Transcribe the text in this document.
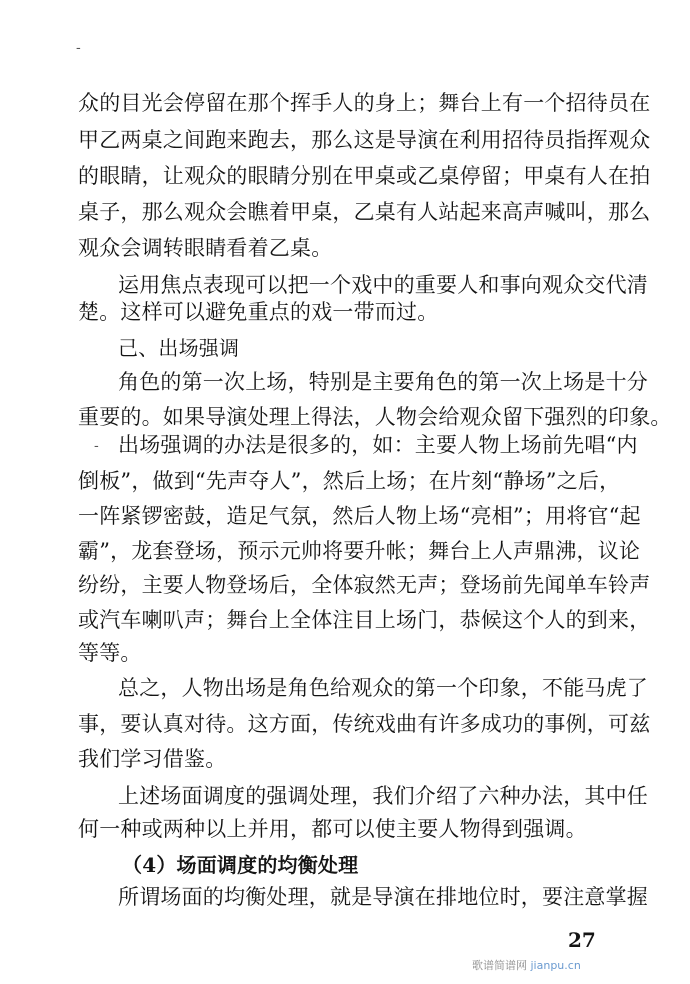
-
众的目光会停留在那个挥手人的身上；舞台上有一个招待员在
甲乙两桌之间跑来跑去，那么这是导演在利用招待员指挥观众
的眼睛，让观众的眼睛分别在甲桌或乙桌停留；甲桌有人在拍
桌子，那么观众会瞧着甲桌，乙桌有人站起来高声喊叫，那么
观众会调转眼睛看着乙桌。
运用焦点表现可以把一个戏中的重要人和事向观众交代清
楚。这样可以避免重点的戏一带而过。
己、出场强调
角色的第一次上场，特别是主要角色的第一次上场是十分
重要的。如果导演处理上得法，人物会给观众留下强烈的印象。
- 出场强调的办法是很多的，如：主要人物上场前先唱“内
倒板”，做到“先声夺人”，然后上场；在片刻“静场”之后，
一阵紧锣密鼓，造足气氛，然后人物上场“亮相”；用将官“起
霸”，龙套登场，预示元帅将要升帐；舞台上人声鼎沸，议论
纷纷，主要人物登场后，全体寂然无声；登场前先闻单车铃声
或汽车喇叭声；舞台上全体注目上场门，恭候这个人的到来，
等等。
总之，人物出场是角色给观众的第一个印象，不能马虎了
事，要认真对待。这方面，传统戏曲有许多成功的事例，可兹
我们学习借鉴。
上述场面调度的强调处理，我们介绍了六种办法，其中任
何一种或两种以上并用，都可以使主要人物得到强调。
（4）场面调度的均衡处理
所谓场面的均衡处理，就是导演在排地位时，要注意掌握
27
歌谱简谱网 jianpu.cn
